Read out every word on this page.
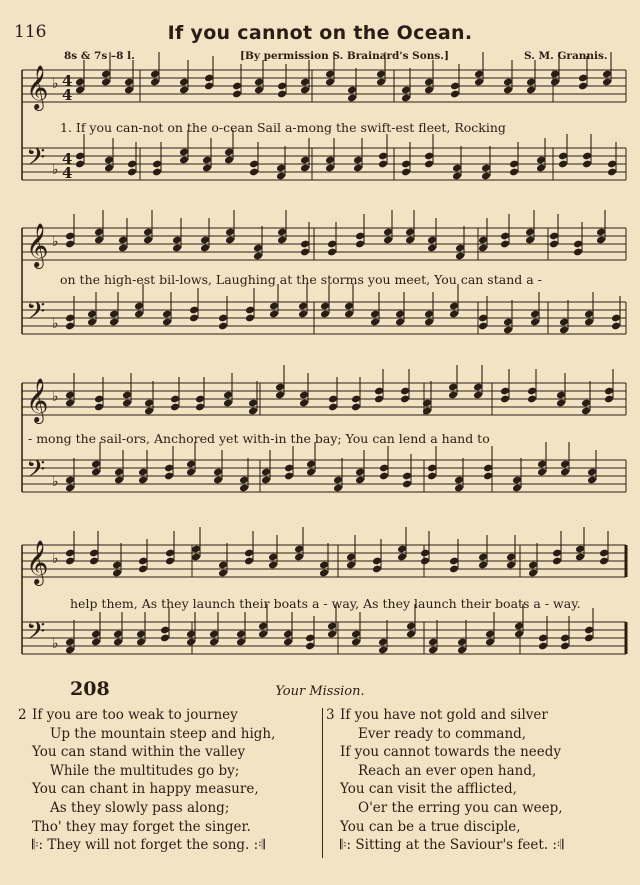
116	If you cannot on the Ocean.
8s & 7s –8 l.	[By permission S. Brainard's Sons.]	S. M. Grannis.
𝄞 ♭
4
4
𝄢 ♭ 4
4
𝄞 ♭
𝄢 ♭
𝄞 ♭
𝄢 ♭
𝄞 ♭
𝄢 ♭
1. If you can-not on the o-cean Sail a-mong the swift-est fleet, Rocking
on the high-est bil-lows, Laughing at the storms you meet, You can stand a -
- mong the sail-ors, Anchored yet with-in the bay; You can lend a hand to
help them, As they launch their boats a - way, As they launch their boats a - way.
208	Your Mission.
2 If you are too weak to journey
Up the mountain steep and high,
You can stand within the valley
While the multitudes go by;
You can chant in happy measure,
As they slowly pass along;
Tho' they may forget the singer.
𝄆: They will not forget the song. :𝄇
3 If you have not gold and silver
Ever ready to command,
If you cannot towards the needy
Reach an ever open hand,
You can visit the afflicted,
O'er the erring you can weep,
You can be a true disciple,
𝄆: Sitting at the Saviour's feet. :𝄇
